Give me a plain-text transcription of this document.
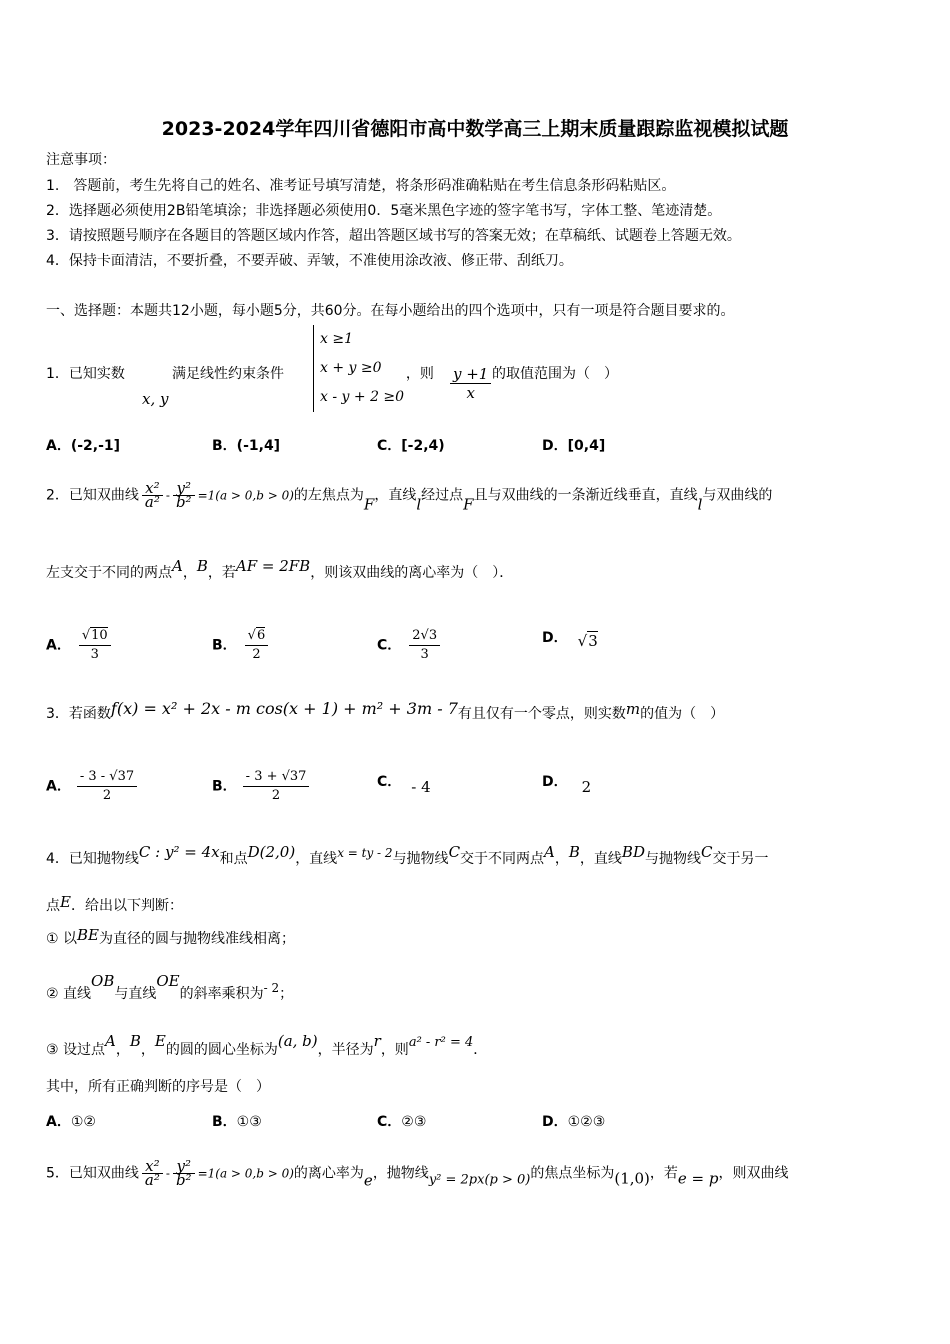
2023-2024学年四川省德阳市高中数学高三上期末质量跟踪监视模拟试题
注意事项：
1.　答题前，考生先将自己的姓名、准考证号填写清楚，将条形码准确粘贴在考生信息条形码粘贴区。
2．选择题必须使用2B铅笔填涂；非选择题必须使用0．5毫米黑色字迹的签字笔书写，字体工整、笔迹清楚。
3．请按照题号顺序在各题目的答题区域内作答，超出答题区域书写的答案无效；在草稿纸、试题卷上答题无效。
4．保持卡面清洁，不要折叠，不要弄破、弄皱，不准使用涂改液、修正带、刮纸刀。
一、选择题：本题共12小题，每小题5分，共60分。在每小题给出的四个选项中，只有一项是符合题目要求的。
1．已知实数	，则
x, y
满足线性约束条件
x ≥1
x + y ≥0
x - y + 2 ≥0	$\frac{y +1}{x}$ 的取值范围为（　）
A．(-2,-1]	B．(-1,4]	C．[-2,4)	D．[0,4]
2．已知双曲线 $\frac{\text{x²}}{\text{a²}} - \frac{\text{y²}}{\text{b²}} =1(a > 0,b > 0)$的左焦点为F，直线l经过点F且与双曲线的一条渐近线垂直，直线l与双曲线的
左支交于不同的两点A，B，若AF = 2FB，则该双曲线的离心率为（　）．
A． $\frac{√10}{3}$	B． $\frac{√6}{2}$	C． $\frac{2√3}{3}$	D． √3
3．若函数f(x) = x² + 2x - m cos(x + 1) + m² + 3m - 7有且仅有一个零点，则实数m的值为（　）
A． $\frac{- 3 - √37}{2}$	B． $\frac{- 3 + √37}{2}$	C． - 4	D． 2
4．已知抛物线C : y² = 4x和点D(2,0)，直线x = ty - 2与抛物线C交于不同两点A，B，直线BD与抛物线C交于另一
点E．给出以下判断：
① 以BE为直径的圆与抛物线准线相离；
② 直线OB与直线OE的斜率乘积为- 2；
③ 设过点A，B，E的圆的圆心坐标为(a, b)，半径为r，则a² - r² = 4．
其中，所有正确判断的序号是（　）
A．①②	B．①③	C．②③	D．①②③
5．已知双曲线 $\frac{\text{x²}}{\text{a²}} - \frac{\text{y²}}{\text{b²}} =1(a > 0,b > 0)$的离心率为e，抛物线y² = 2px(p > 0)的焦点坐标为(1,0)，若e = p，则双曲线
